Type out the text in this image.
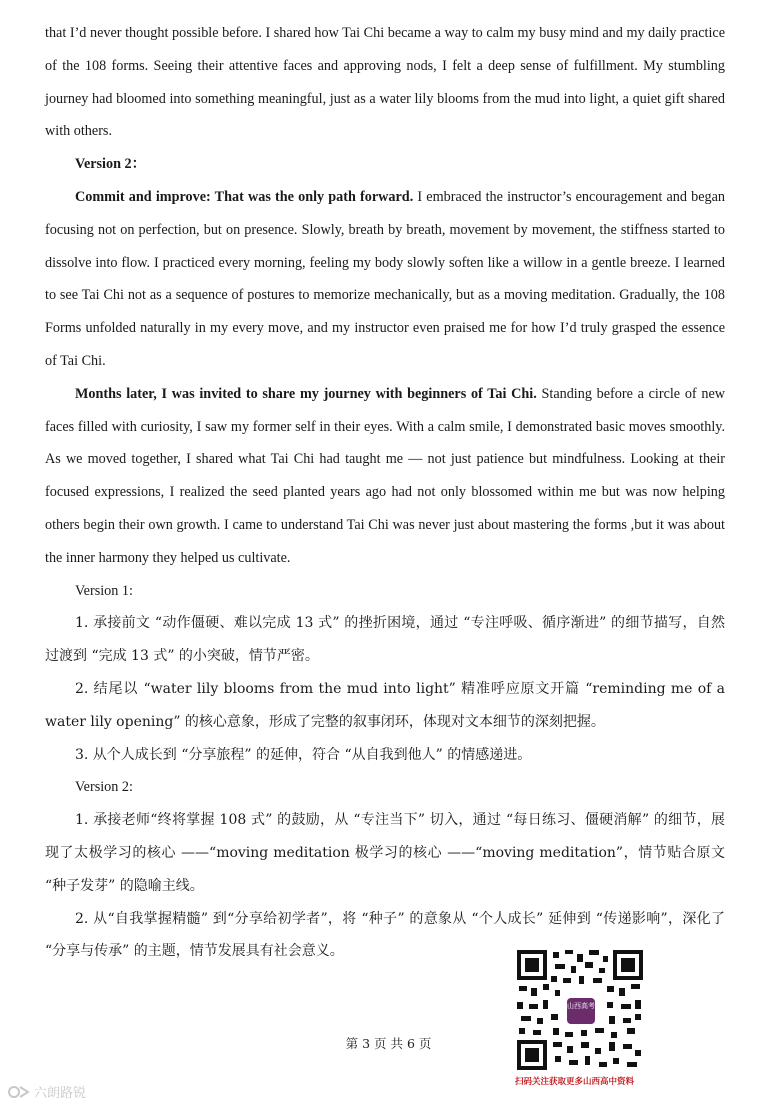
that I’d never thought possible before. I shared how Tai Chi became a way to calm my busy mind and my daily practice of the 108 forms. Seeing their attentive faces and approving nods, I felt a deep sense of fulfillment. My stumbling journey had bloomed into something meaningful, just as a water lily blooms from the mud into light, a quiet gift shared with others.

Version 2：

Commit and improve: That was the only path forward. I embraced the instructor’s encouragement and began focusing not on perfection, but on presence. Slowly, breath by breath, movement by movement, the stiffness started to dissolve into flow. I practiced every morning, feeling my body slowly soften like a willow in a gentle breeze. I learned to see Tai Chi not as a sequence of postures to memorize mechanically, but as a moving meditation. Gradually, the 108 Forms unfolded naturally in my every move, and my instructor even praised me for how I’d truly grasped the essence of Tai Chi.

Months later, I was invited to share my journey with beginners of Tai Chi. Standing before a circle of new faces filled with curiosity, I saw my former self in their eyes. With a calm smile, I demonstrated basic moves smoothly. As we moved together, I shared what Tai Chi had taught me — not just patience but mindfulness. Looking at their focused expressions, I realized the seed planted years ago had not only blossomed within me but was now helping others begin their own growth. I came to understand Tai Chi was never just about mastering the forms ,but it was about the inner harmony they helped us cultivate.

Version 1:

1. 承接前文 “动作僵硬、难以完成 13 式” 的挫折困境，通过 “专注呼吸、循序渐进” 的细节描写，自然过渡到 “完成 13 式” 的小突破，情节严密。

2. 结尾以 “water lily blooms from the mud into light” 精准呼应原文开篇 “reminding me of a water lily opening” 的核心意象，形成了完整的叙事闭环，体现对文本细节的深刻把握。

3. 从个人成长到 “分享旅程” 的延伸，符合 “从自我到他人” 的情感递进。

Version 2:

1. 承接老师“终将掌握 108 式” 的鼓励，从 “专注当下” 切入，通过 “每日练习、僵硬消解” 的细节，展现了太极学习的核心 ——“moving meditation 极学习的核心 ——“moving meditation”，情节贴合原文 “种子发芽” 的隐喻主线。

2. 从“自我掌握精髓” 到“分享给初学者”，将 “种子” 的意象从 “个人成长” 延伸到 “传递影响”，深化了 “分享与传承” 的主题，情节发展具有社会意义。

山西高考
扫码关注获取更多山西高中资料
第 3 页 共 6 页
六朗路锐
